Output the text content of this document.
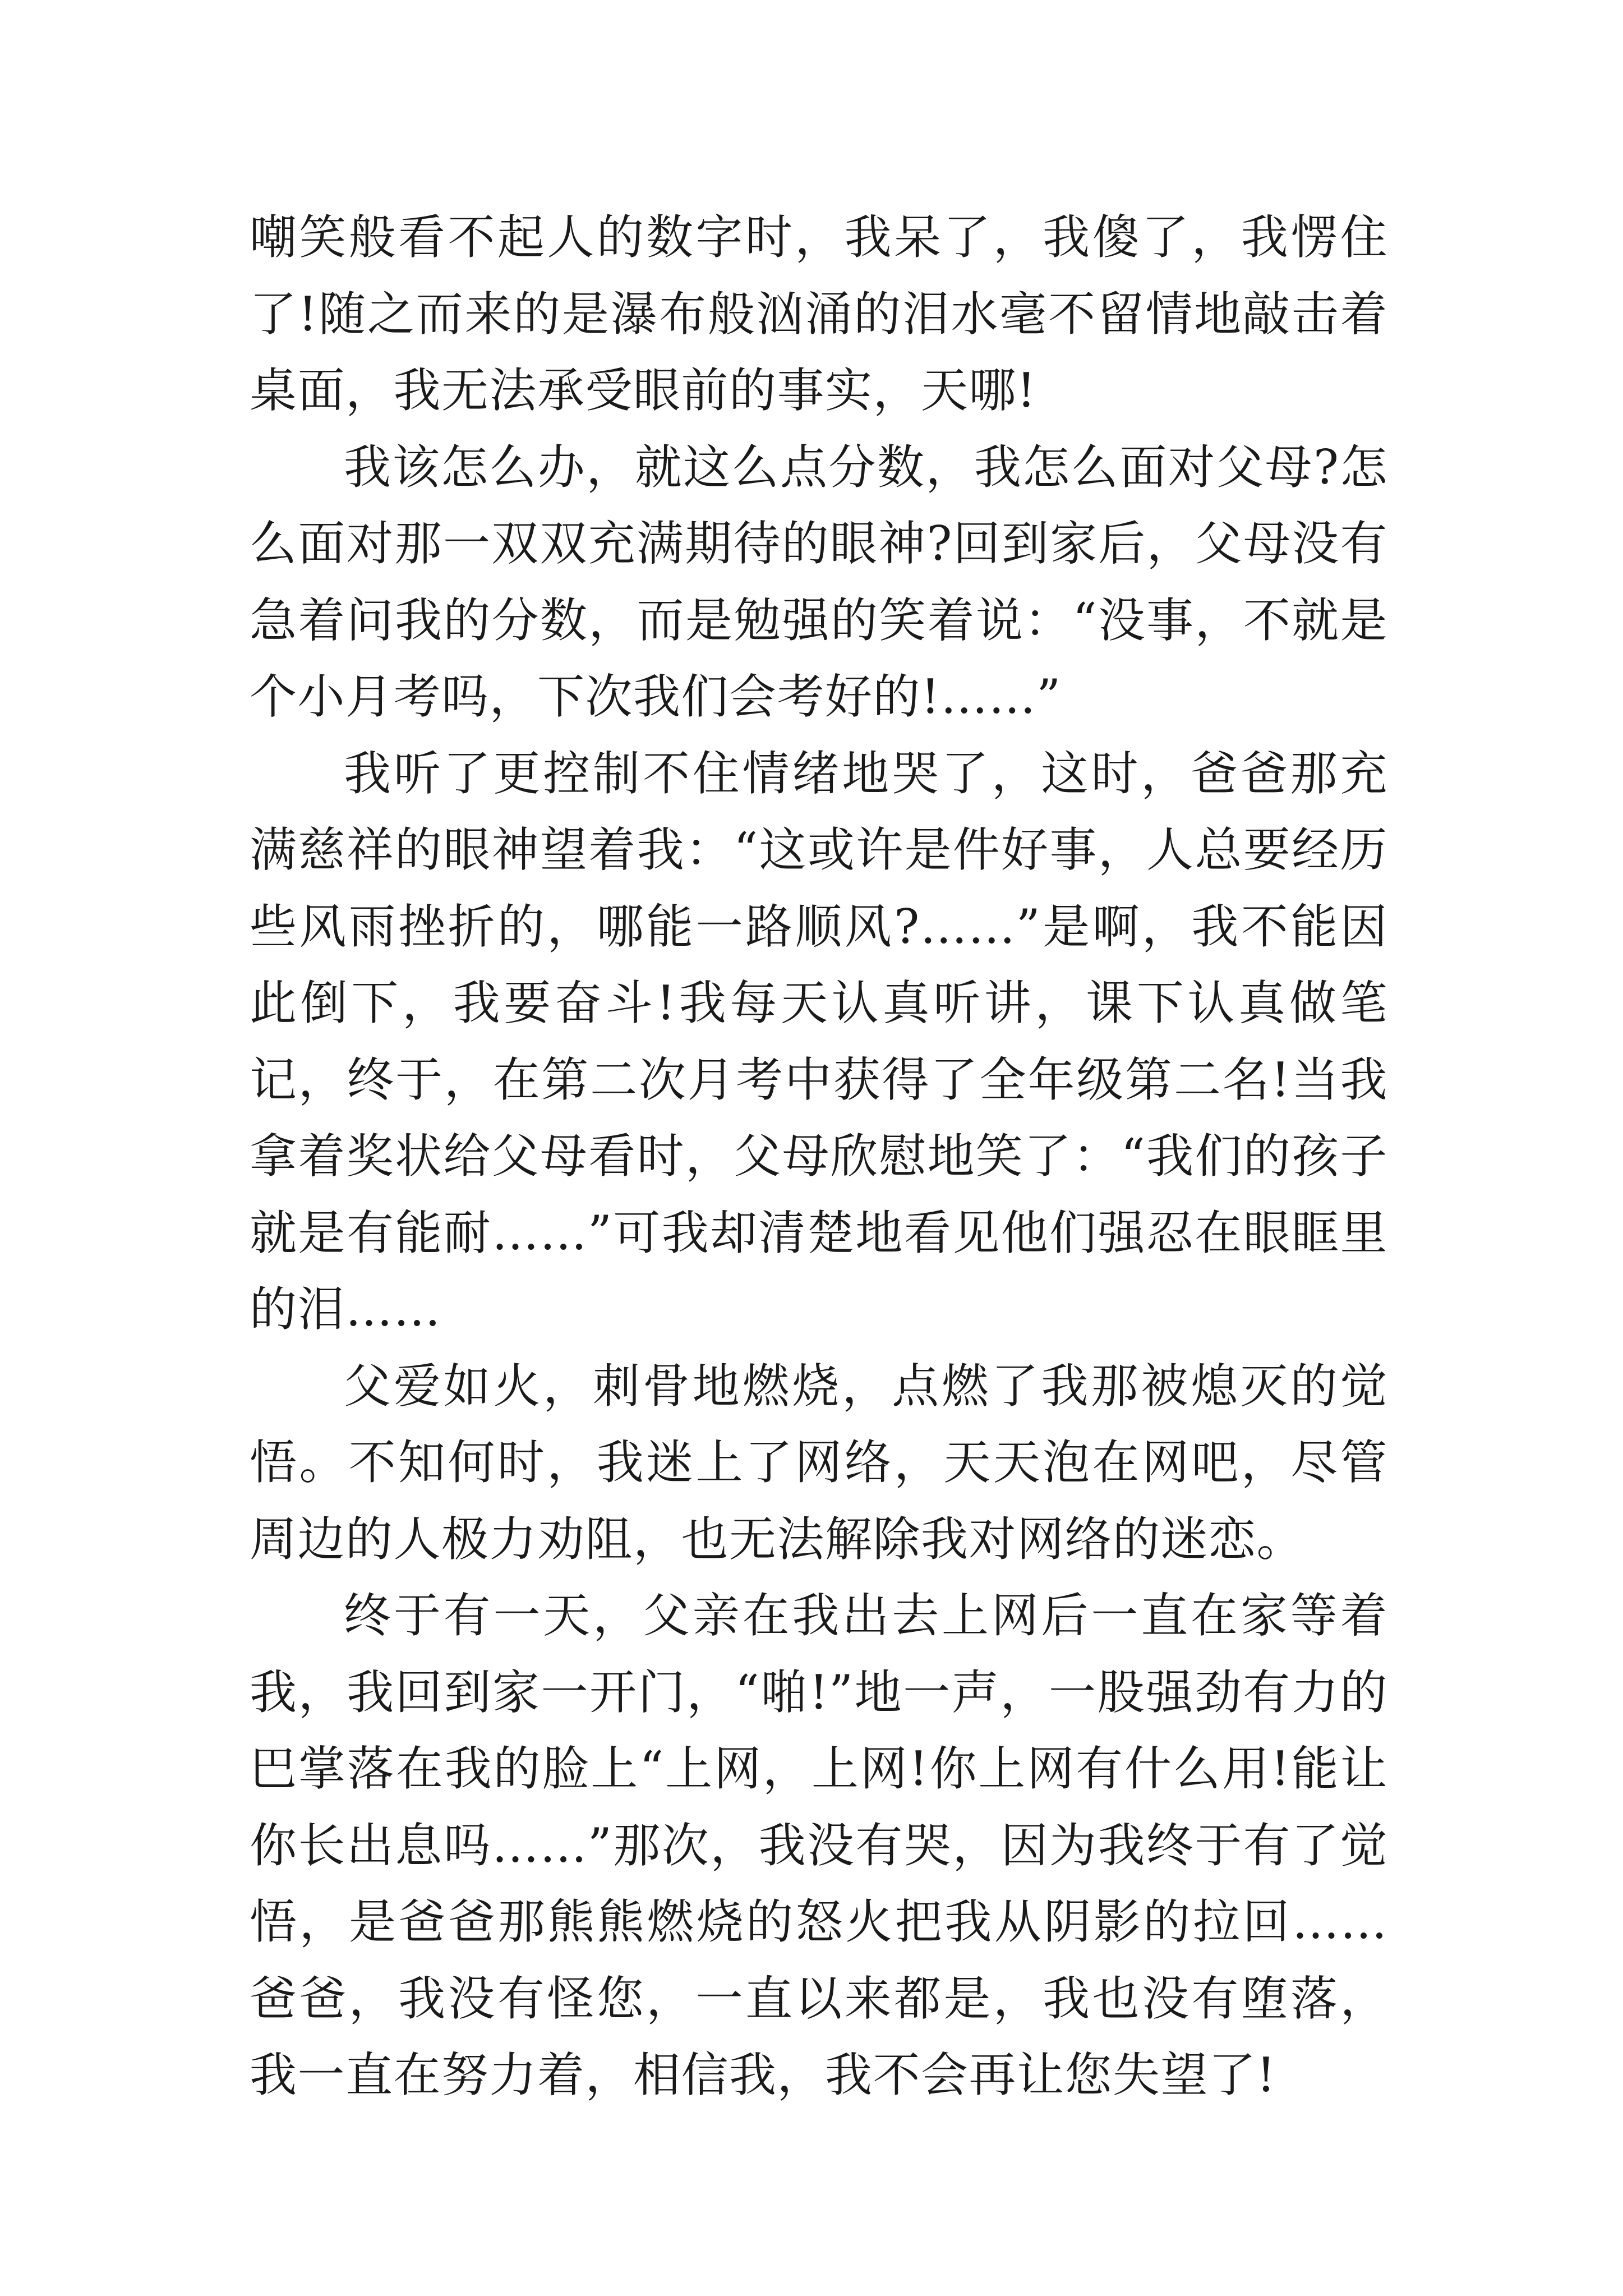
嘲笑般看不起人的数字时，我呆了，我傻了，我愣住了!随之而来的是瀑布般汹涌的泪水毫不留情地敲击着桌面，我无法承受眼前的事实，天哪!

我该怎么办，就这么点分数，我怎么面对父母?怎么面对那一双双充满期待的眼神?回到家后，父母没有急着问我的分数，而是勉强的笑着说：“没事，不就是个小月考吗，下次我们会考好的!……”

我听了更控制不住情绪地哭了，这时，爸爸那充满慈祥的眼神望着我：“这或许是件好事，人总要经历些风雨挫折的，哪能一路顺风?……”是啊，我不能因此倒下，我要奋斗!我每天认真听讲，课下认真做笔记，终于，在第二次月考中获得了全年级第二名!当我拿着奖状给父母看时，父母欣慰地笑了：“我们的孩子就是有能耐……”可我却清楚地看见他们强忍在眼眶里的泪……

父爱如火，刺骨地燃烧，点燃了我那被熄灭的觉悟。不知何时，我迷上了网络，天天泡在网吧，尽管周边的人极力劝阻，也无法解除我对网络的迷恋。

终于有一天，父亲在我出去上网后一直在家等着我，我回到家一开门，“啪!”地一声，一股强劲有力的巴掌落在我的脸上“上网，上网!你上网有什么用!能让你长出息吗……”那次，我没有哭，因为我终于有了觉悟，是爸爸那熊熊燃烧的怒火把我从阴影的拉回……爸爸，我没有怪您，一直以来都是，我也没有堕落，我一直在努力着，相信我，我不会再让您失望了!
